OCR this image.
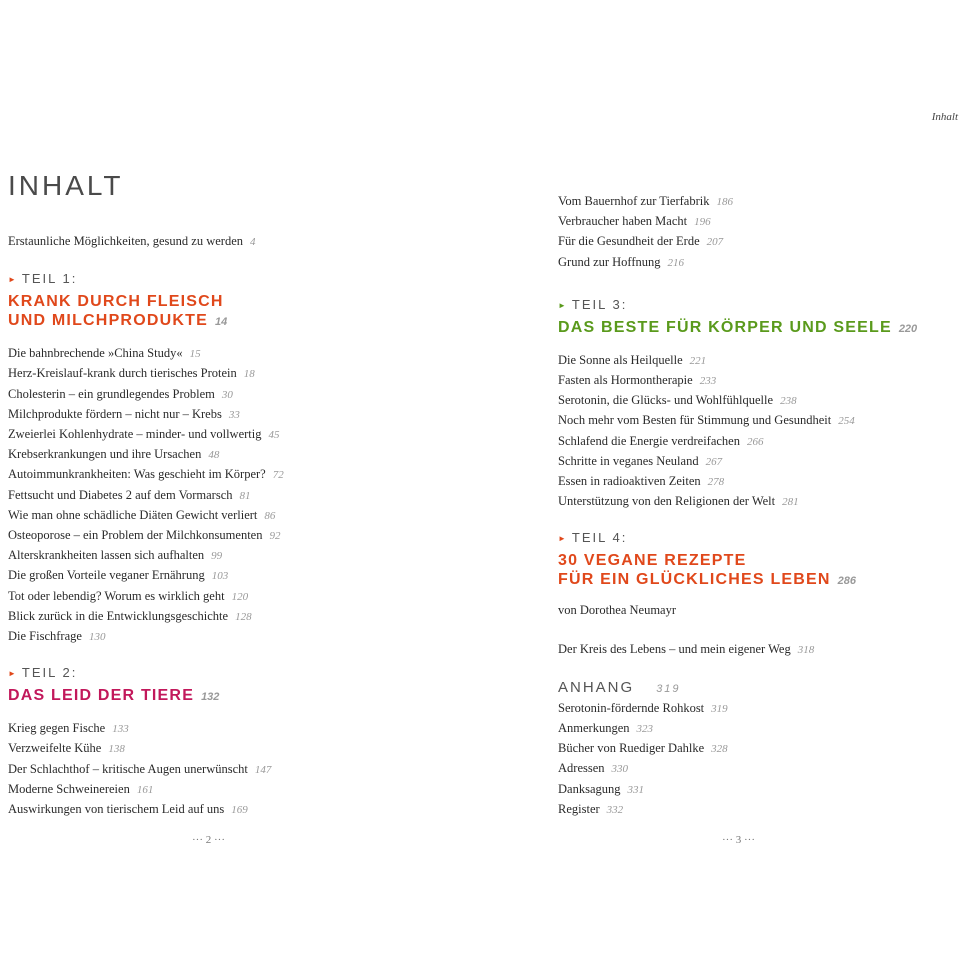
Inhalt
INHALT
Erstaunliche Möglichkeiten, gesund zu werden 4
► TEIL 1:
KRANK DURCH FLEISCH
UND MILCHPRODUKTE 14
Die bahnbrechende »China Study« 15
Herz-Kreislauf-krank durch tierisches Protein 18
Cholesterin – ein grundlegendes Problem 30
Milchprodukte fördern – nicht nur – Krebs 33
Zweierlei Kohlenhydrate – minder- und vollwertig 45
Krebserkrankungen und ihre Ursachen 48
Autoimmunkrankheiten: Was geschieht im Körper? 72
Fettsucht und Diabetes 2 auf dem Vormarsch 81
Wie man ohne schädliche Diäten Gewicht verliert 86
Osteoporose – ein Problem der Milchkonsumenten 92
Alterskrankheiten lassen sich aufhalten 99
Die großen Vorteile veganer Ernährung 103
Tot oder lebendig? Worum es wirklich geht 120
Blick zurück in die Entwicklungsgeschichte 128
Die Fischfrage 130
► TEIL 2:
DAS LEID DER TIERE 132
Krieg gegen Fische 133
Verzweifelte Kühe 138
Der Schlachthof – kritische Augen unerwünscht 147
Moderne Schweinereien 161
Auswirkungen von tierischem Leid auf uns 169
Vom Bauernhof zur Tierfabrik 186
Verbraucher haben Macht 196
Für die Gesundheit der Erde 207
Grund zur Hoffnung 216
► TEIL 3:
DAS BESTE FÜR KÖRPER UND SEELE 220
Die Sonne als Heilquelle 221
Fasten als Hormontherapie 233
Serotonin, die Glücks- und Wohlfühlquelle 238
Noch mehr vom Besten für Stimmung und Gesundheit 254
Schlafend die Energie verdreifachen 266
Schritte in veganes Neuland 267
Essen in radioaktiven Zeiten 278
Unterstützung von den Religionen der Welt 281
► TEIL 4:
30 VEGANE REZEPTE
FÜR EIN GLÜCKLICHES LEBEN 286
von Dorothea Neumayr
Der Kreis des Lebens – und mein eigener Weg 318
ANHANG 319
Serotonin-fördernde Rohkost 319
Anmerkungen 323
Bücher von Ruediger Dahlke 328
Adressen 330
Danksagung 331
Register 332
··· 2 ···	··· 3 ···
